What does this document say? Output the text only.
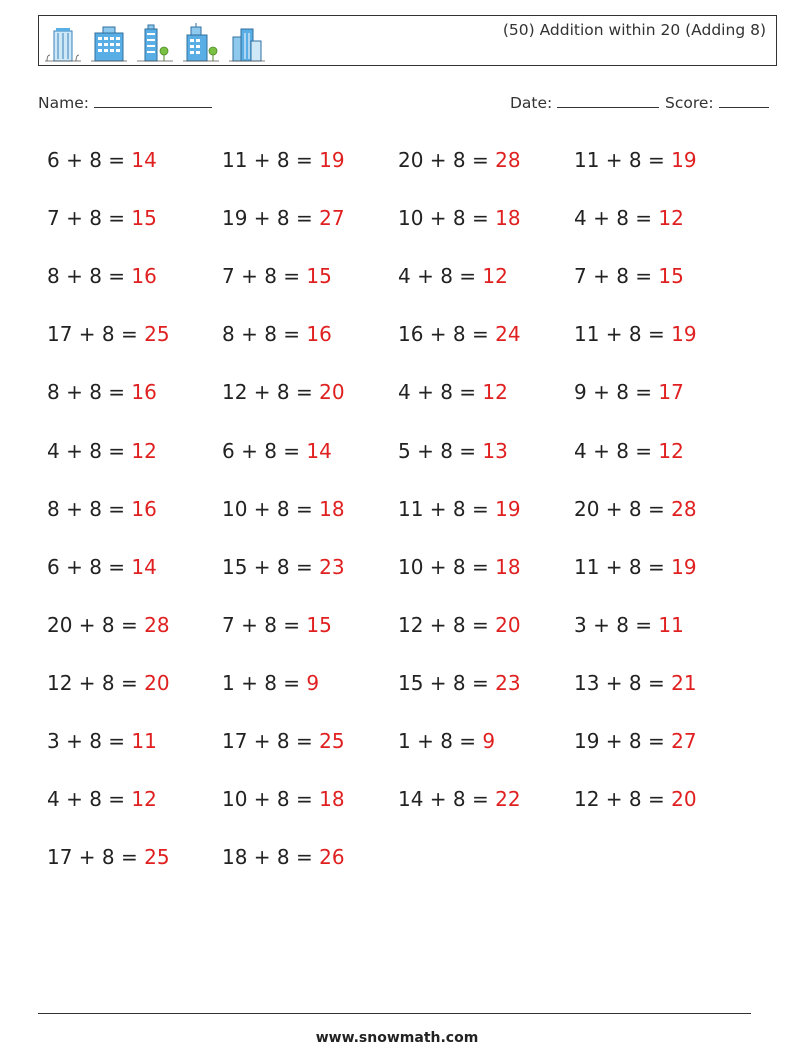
(50) Addition within 20 (Adding 8)
Name:	Date:	Score:
6 + 8 = 14	11 + 8 = 19	20 + 8 = 28	11 + 8 = 19
7 + 8 = 15	19 + 8 = 27	10 + 8 = 18	4 + 8 = 12
8 + 8 = 16	7 + 8 = 15	4 + 8 = 12	7 + 8 = 15
17 + 8 = 25	8 + 8 = 16	16 + 8 = 24	11 + 8 = 19
8 + 8 = 16	12 + 8 = 20	4 + 8 = 12	9 + 8 = 17
4 + 8 = 12	6 + 8 = 14	5 + 8 = 13	4 + 8 = 12
8 + 8 = 16	10 + 8 = 18	11 + 8 = 19	20 + 8 = 28
6 + 8 = 14	15 + 8 = 23	10 + 8 = 18	11 + 8 = 19
20 + 8 = 28	7 + 8 = 15	12 + 8 = 20	3 + 8 = 11
12 + 8 = 20	1 + 8 = 9	15 + 8 = 23	13 + 8 = 21
3 + 8 = 11	17 + 8 = 25	1 + 8 = 9	19 + 8 = 27
4 + 8 = 12	10 + 8 = 18	14 + 8 = 22	12 + 8 = 20
17 + 8 = 25	18 + 8 = 26
www.snowmath.com
